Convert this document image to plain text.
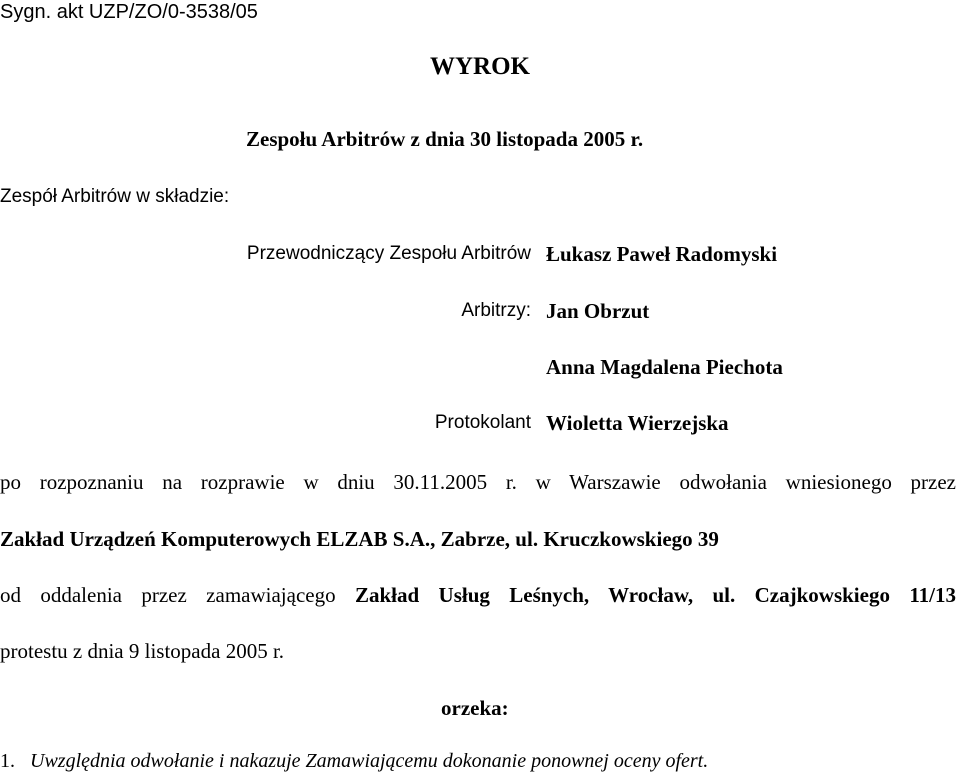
Sygn. akt UZP/ZO/0-3538/05
WYROK
Zespołu Arbitrów z dnia 30 listopada 2005 r.
Zespół Arbitrów w składzie:
Przewodniczący Zespołu Arbitrów Łukasz Paweł Radomyski
Arbitrzy: Jan Obrzut
Anna Magdalena Piechota
Protokolant Wioletta Wierzejska
po rozpoznaniu na rozprawie w dniu 30.11.2005 r. w Warszawie odwołania wniesionego przez
Zakład Urządzeń Komputerowych ELZAB S.A., Zabrze, ul. Kruczkowskiego 39
od oddalenia przez zamawiającego Zakład Usług Leśnych, Wrocław, ul. Czajkowskiego 11/13
protestu z dnia 9 listopada 2005 r.
orzeka:
1. Uwzględnia odwołanie i nakazuje Zamawiającemu dokonanie ponownej oceny ofert.
